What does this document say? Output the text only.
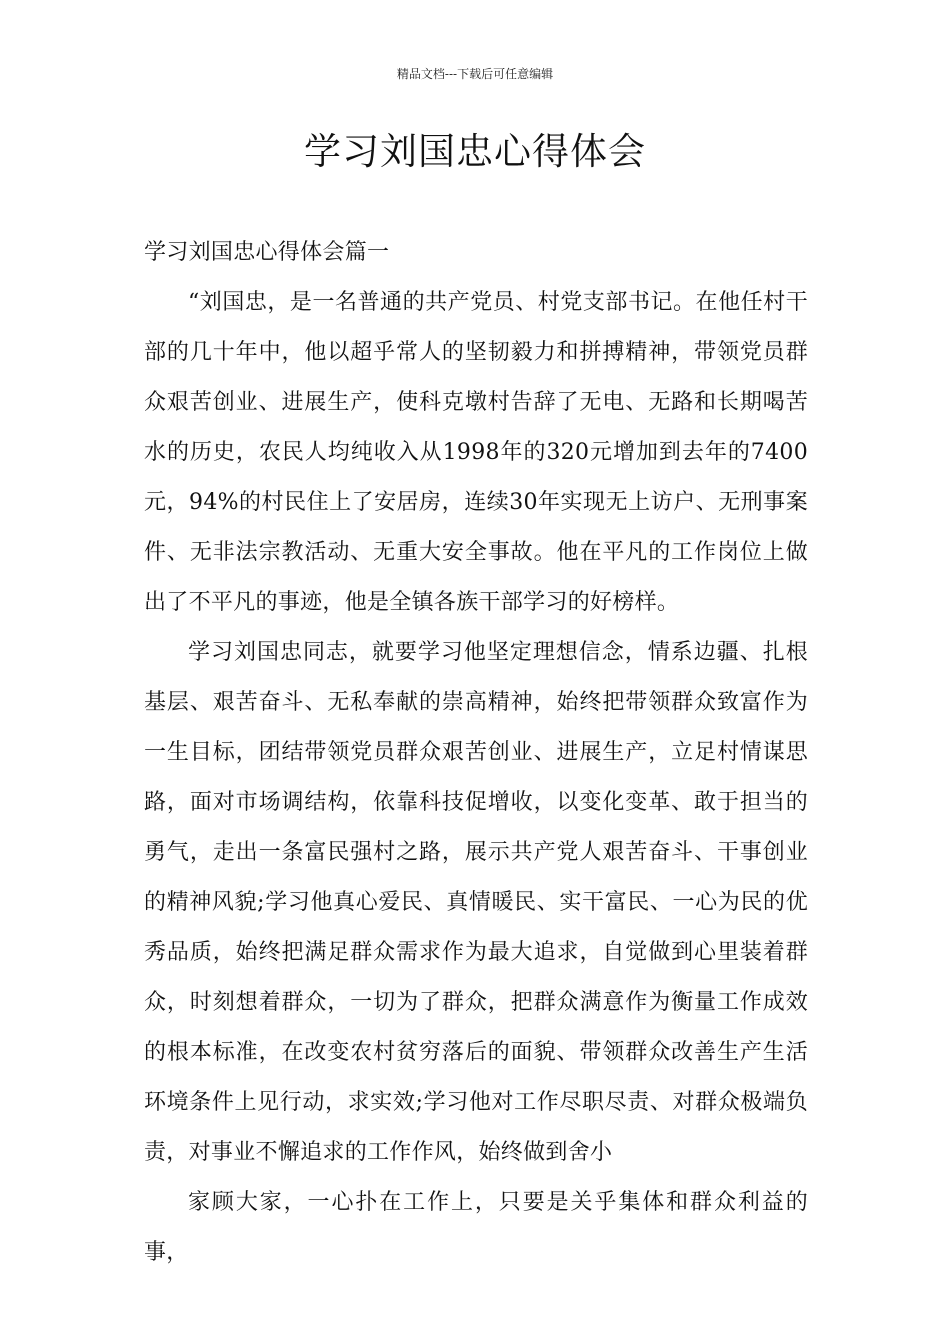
精品文档---下载后可任意编辑
学习刘国忠心得体会

学习刘国忠心得体会篇一

“刘国忠，是一名普通的共产党员、村党支部书记。在他任村干部的几十年中，他以超乎常人的坚韧毅力和拼搏精神，带领党员群众艰苦创业、进展生产，使科克墩村告辞了无电、无路和长期喝苦水的历史，农民人均纯收入从1998年的320元增加到去年的7400元，94%的村民住上了安居房，连续30年实现无上访户、无刑事案件、无非法宗教活动、无重大安全事故。他在平凡的工作岗位上做出了不平凡的事迹，他是全镇各族干部学习的好榜样。

学习刘国忠同志，就要学习他坚定理想信念，情系边疆、扎根基层、艰苦奋斗、无私奉献的崇高精神，始终把带领群众致富作为一生目标，团结带领党员群众艰苦创业、进展生产，立足村情谋思路，面对市场调结构，依靠科技促增收，以变化变革、敢于担当的勇气，走出一条富民强村之路，展示共产党人艰苦奋斗、干事创业的精神风貌;学习他真心爱民、真情暖民、实干富民、一心为民的优秀品质，始终把满足群众需求作为最大追求，自觉做到心里装着群众，时刻想着群众，一切为了群众，把群众满意作为衡量工作成效的根本标准，在改变农村贫穷落后的面貌、带领群众改善生产生活环境条件上见行动，求实效;学习他对工作尽职尽责、对群众极端负责，对事业不懈追求的工作作风，始终做到舍小

家顾大家，一心扑在工作上，只要是关乎集体和群众利益的事，
